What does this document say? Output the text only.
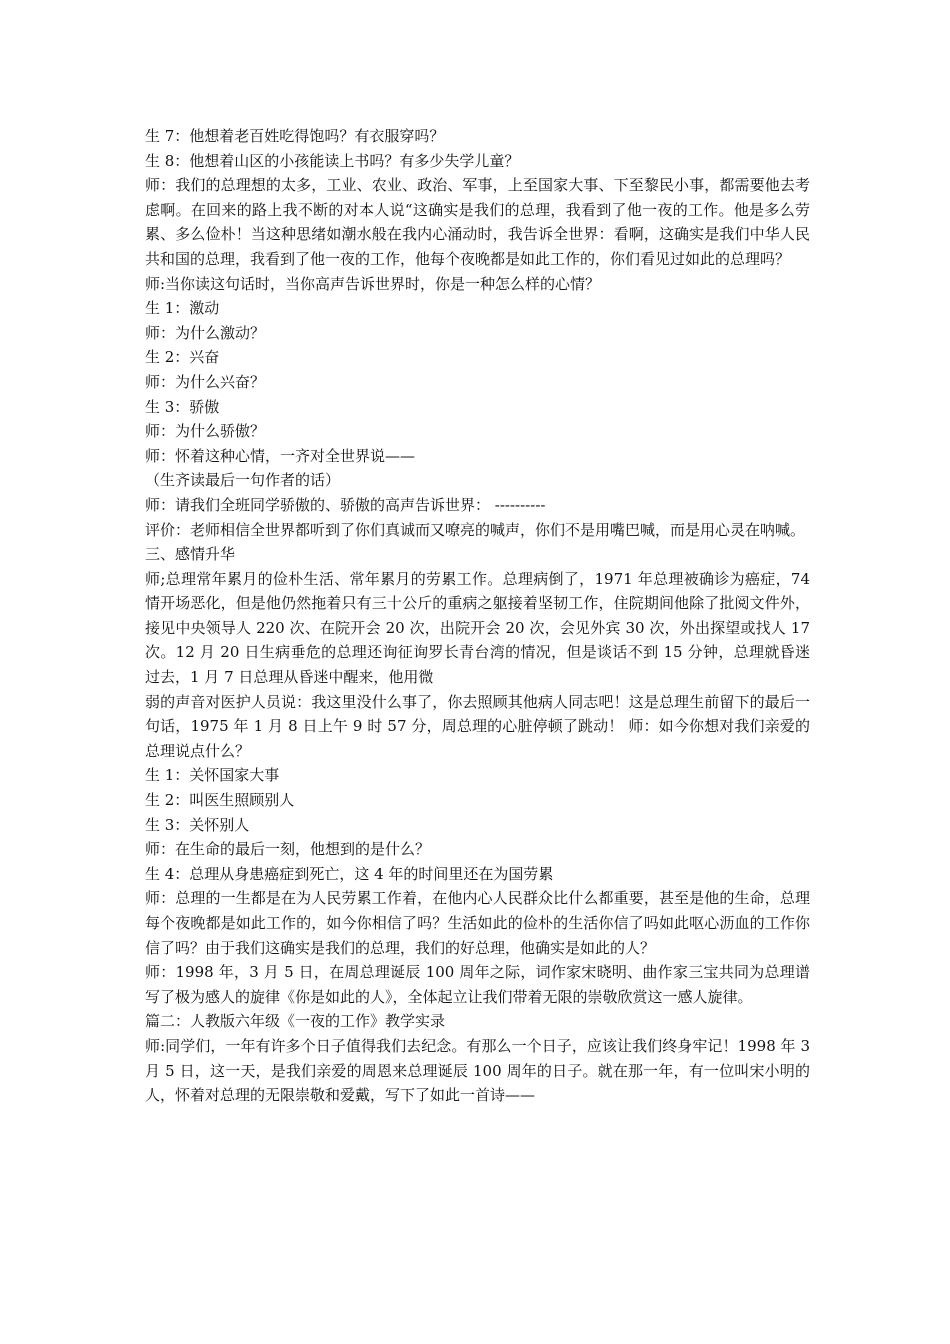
生 7：他想着老百姓吃得饱吗？有衣服穿吗？

生 8：他想着山区的小孩能读上书吗？有多少失学儿童？

师：我们的总理想的太多，工业、农业、政治、军事，上至国家大事、下至黎民小事，都需要他去考虑啊。在回来的路上我不断的对本人说“这确实是我们的总理，我看到了他一夜的工作。他是多么劳累、多么俭朴！当这种思绪如潮水般在我内心涌动时，我告诉全世界：看啊，这确实是我们中华人民共和国的总理，我看到了他一夜的工作，他每个夜晚都是如此工作的，你们看见过如此的总理吗？

师:当你读这句话时，当你高声告诉世界时，你是一种怎么样的心情？

生 1：激动

师：为什么激动？

生 2：兴奋

师：为什么兴奋？

生 3：骄傲

师：为什么骄傲？

师：怀着这种心情，一齐对全世界说——

（生齐读最后一句作者的话）

师：请我们全班同学骄傲的、骄傲的高声告诉世界： ----------

评价：老师相信全世界都听到了你们真诚而又嘹亮的喊声，你们不是用嘴巴喊，而是用心灵在呐喊。

三、感情升华

师;总理常年累月的俭朴生活、常年累月的劳累工作。总理病倒了，1971 年总理被确诊为癌症，74 情开场恶化，但是他仍然拖着只有三十公斤的重病之躯接着坚韧工作，住院期间他除了批阅文件外，接见中央领导人 220 次、在院开会 20 次，出院开会 20 次，会见外宾 30 次，外出探望或找人 17 次。12 月 20 日生病垂危的总理还询征询罗长青台湾的情况，但是谈话不到 15 分钟，总理就昏迷过去，1 月 7 日总理从昏迷中醒来，他用微

弱的声音对医护人员说：我这里没什么事了，你去照顾其他病人同志吧！这是总理生前留下的最后一句话，1975 年 1 月 8 日上午 9 时 57 分，周总理的心脏停顿了跳动！ 师：如今你想对我们亲爱的总理说点什么？

生 1：关怀国家大事

生 2：叫医生照顾别人

生 3：关怀别人

师：在生命的最后一刻，他想到的是什么？

生 4：总理从身患癌症到死亡，这 4 年的时间里还在为国劳累

师：总理的一生都是在为人民劳累工作着，在他内心人民群众比什么都重要，甚至是他的生命，总理每个夜晚都是如此工作的，如今你相信了吗？生活如此的俭朴的生活你信了吗如此呕心沥血的工作你信了吗？由于我们这确实是我们的总理，我们的好总理，他确实是如此的人？

师：1998 年，3 月 5 日，在周总理诞辰 100 周年之际，词作家宋晓明、曲作家三宝共同为总理谱写了极为感人的旋律《你是如此的人》，全体起立让我们带着无限的崇敬欣赏这一感人旋律。

篇二：人教版六年级《一夜的工作》教学实录

师:同学们，一年有许多个日子值得我们去纪念。有那么一个日子，应该让我们终身牢记！1998 年 3 月 5 日，这一天，是我们亲爱的周恩来总理诞辰 100 周年的日子。就在那一年，有一位叫宋小明的人，怀着对总理的无限崇敬和爱戴，写下了如此一首诗——
